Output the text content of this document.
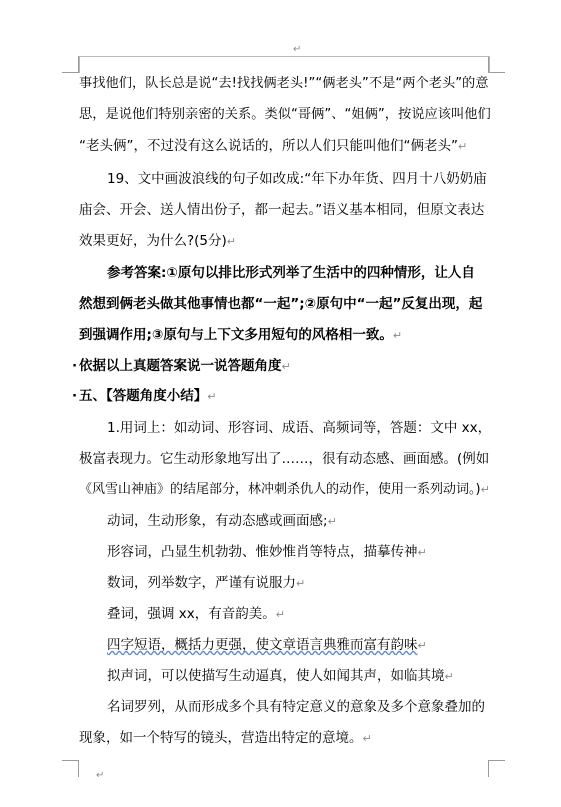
↵
↵
事找他们，队长总是说“去!找找俩老头!”“俩老头”不是“两个老头”的意
思，是说他们特别亲密的关系。类似“哥俩”、“姐俩”，按说应该叫他们
“老头俩”，不过没有这么说话的，所以人们只能叫他们“俩老头”↵
19、文中画波浪线的句子如改成:“年下办年货、四月十八奶奶庙
庙会、开会、送人情出份子，都一起去。”语义基本相同，但原文表达
效果更好，为什么?(5分)↵
参考答案:①原句以排比形式列举了生活中的四种情形，让人自
然想到俩老头做其他事情也都“一起”;②原句中“一起”反复出现，起
到强调作用;③原句与上下文多用短句的风格相一致。↵
· 依据以上真题答案说一说答题角度↵
· 五、【答题角度小结】↵
1.用词上：如动词、形容词、成语、高频词等，答题：文中 xx，
极富表现力。它生动形象地写出了……，很有动态感、画面感。(例如
《风雪山神庙》的结尾部分，林冲刺杀仇人的动作，使用一系列动词。)↵
动词，生动形象，有动态感或画面感;↵
形容词，凸显生机勃勃、惟妙惟肖等特点，描摹传神↵
数词，列举数字，严谨有说服力↵
叠词，强调 xx，有音韵美。↵
四字短语，概括力更强，使文章语言典雅而富有韵味↵
拟声词，可以使描写生动逼真，使人如闻其声，如临其境↵
名词罗列，从而形成多个具有特定意义的意象及多个意象叠加的
现象，如一个特写的镜头，营造出特定的意境。↵
